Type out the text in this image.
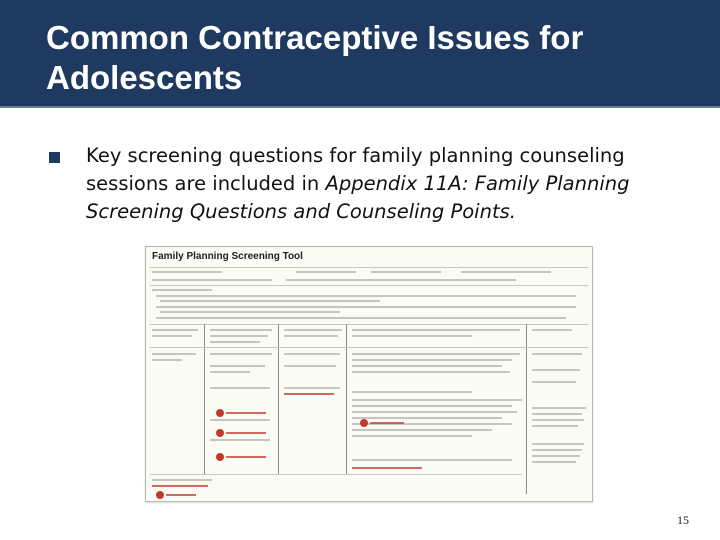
Common Contraceptive Issues for Adolescents
Key screening questions for family planning counseling sessions are included in Appendix 11A: Family Planning Screening Questions and Counseling Points.
Family Planning Screening Tool
15
